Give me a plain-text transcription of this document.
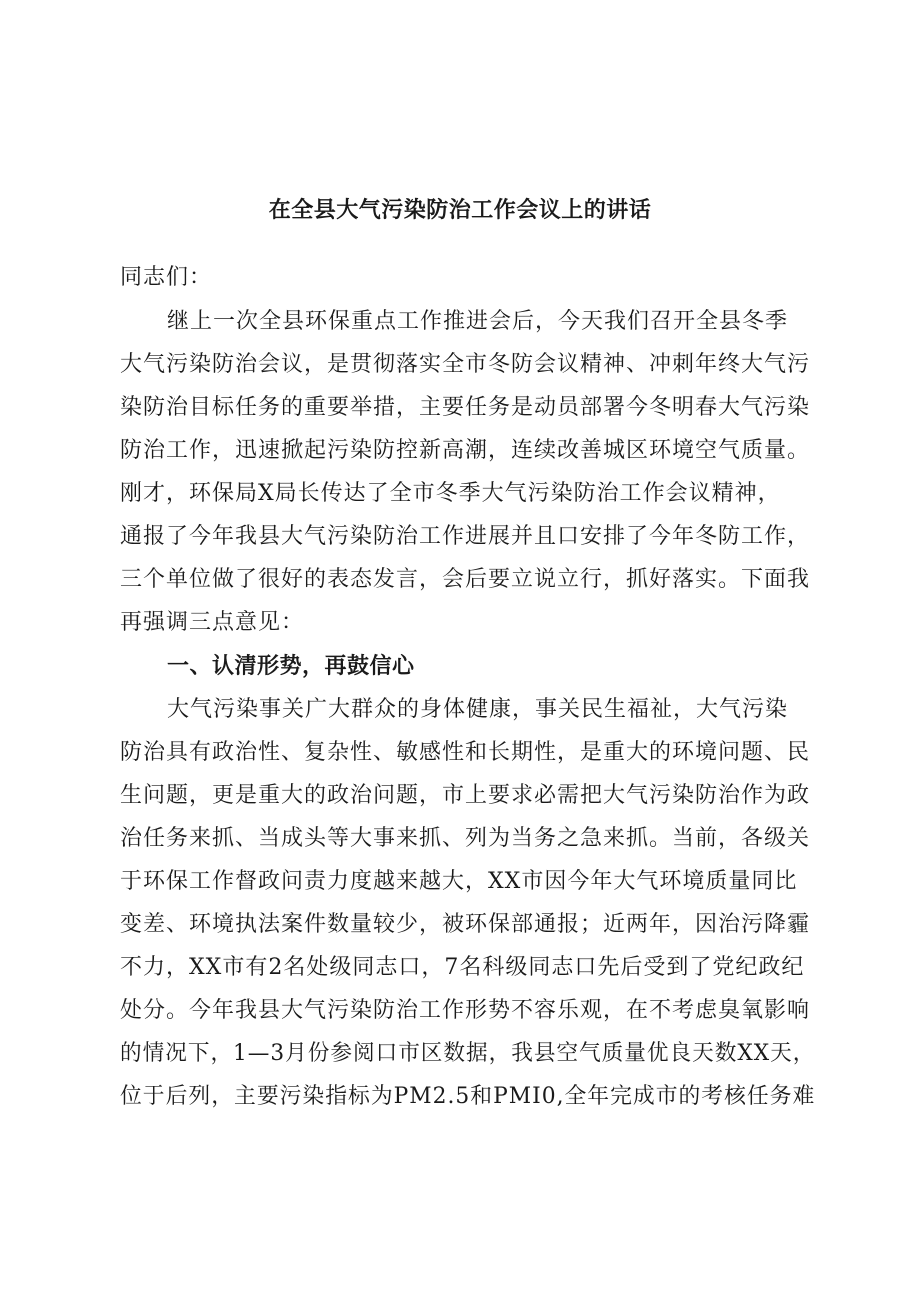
在全县大气污染防治工作会议上的讲话
同志们：
继上一次全县环保重点工作推进会后，今天我们召开全县冬季
大气污染防治会议，是贯彻落实全市冬防会议精神、冲刺年终大气污
染防治目标任务的重要举措，主要任务是动员部署今冬明春大气污染
防治工作，迅速掀起污染防控新高潮，连续改善城区环境空气质量。
刚才，环保局X局长传达了全市冬季大气污染防治工作会议精神，
通报了今年我县大气污染防治工作进展并且口安排了今年冬防工作，
三个单位做了很好的表态发言，会后要立说立行，抓好落实。下面我
再强调三点意见：
一、认清形势，再鼓信心
大气污染事关广大群众的身体健康，事关民生福祉，大气污染
防治具有政治性、复杂性、敏感性和长期性，是重大的环境问题、民
生问题，更是重大的政治问题，市上要求必需把大气污染防治作为政
治任务来抓、当成头等大事来抓、列为当务之急来抓。当前，各级关
于环保工作督政问责力度越来越大，XX市因今年大气环境质量同比
变差、环境执法案件数量较少，被环保部通报；近两年，因治污降霾
不力，XX市有2名处级同志口，7名科级同志口先后受到了党纪政纪
处分。今年我县大气污染防治工作形势不容乐观，在不考虑臭氧影响
的情况下，1—3月份参阅口市区数据，我县空气质量优良天数XX天，
位于后列，主要污染指标为PM2.5和PMI0,全年完成市的考核任务难
